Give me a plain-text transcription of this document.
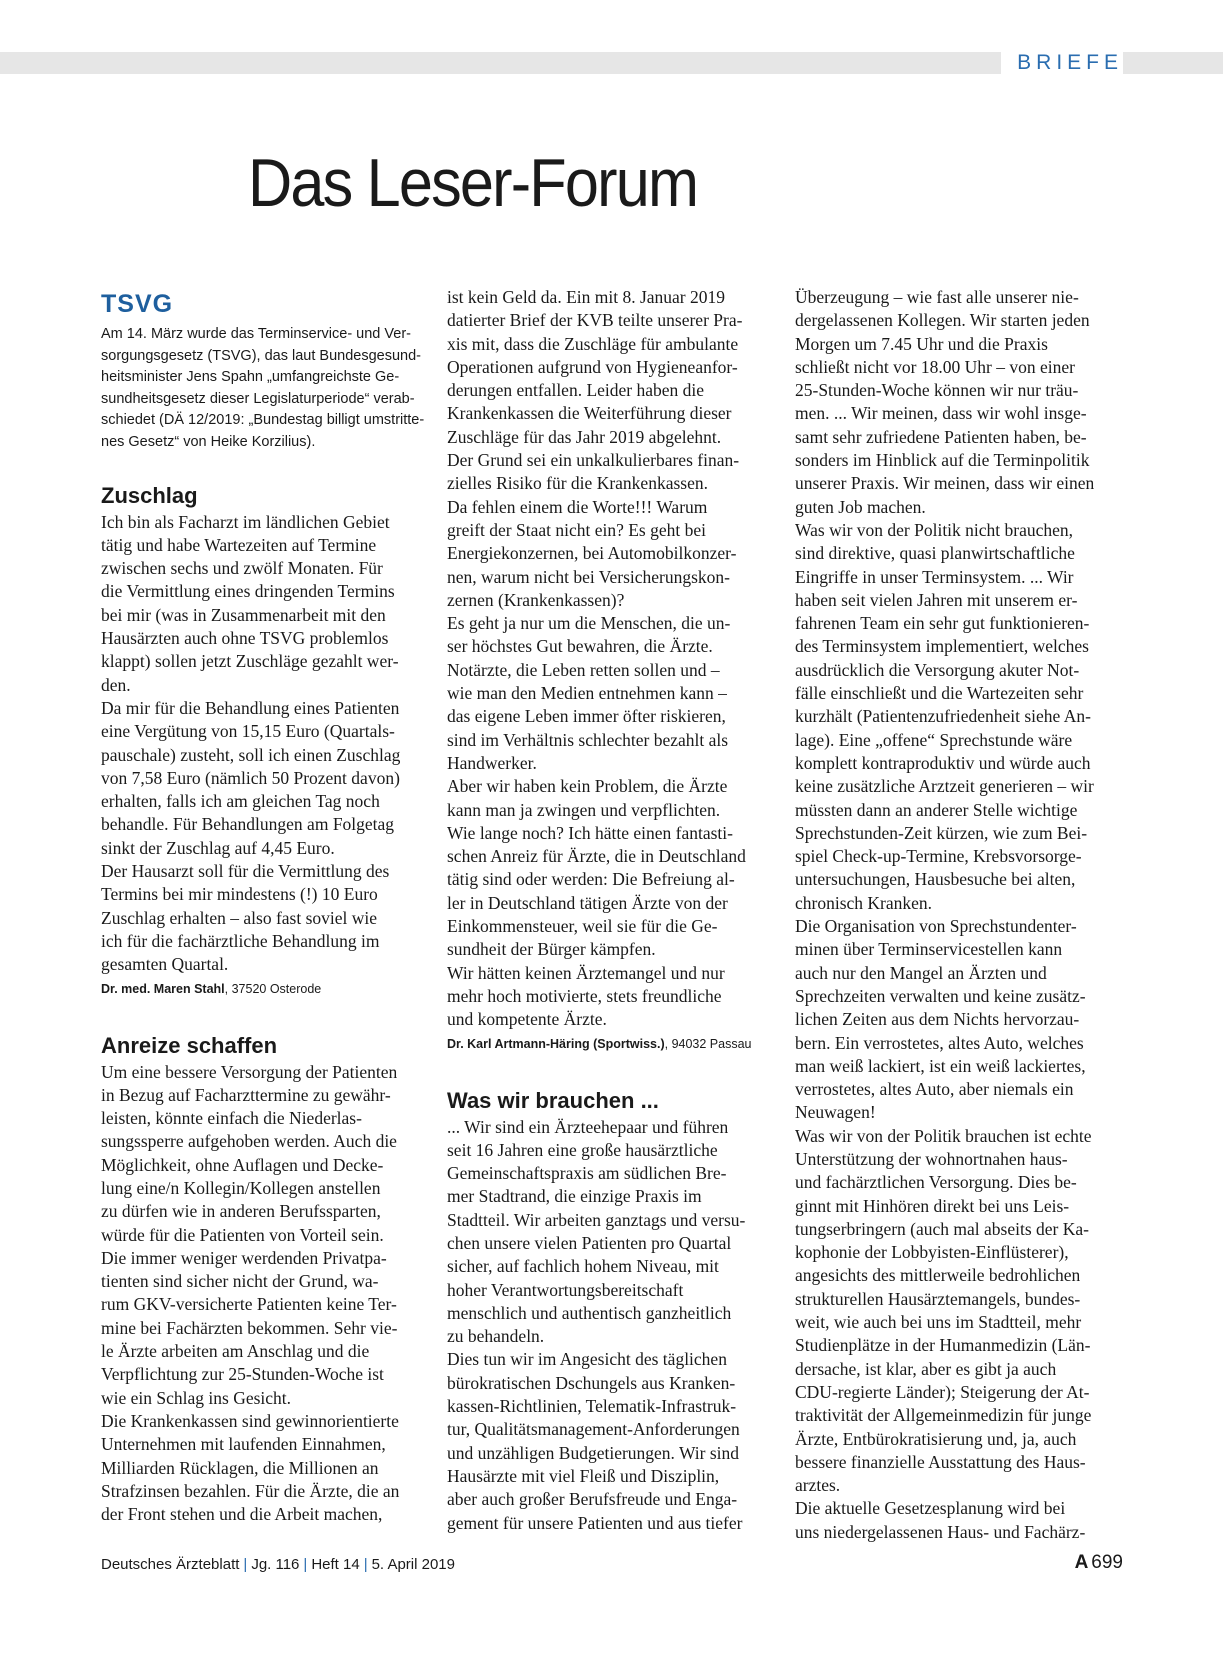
BRIEFE
Das Leser-Forum
TSVG
Am 14. März wurde das Terminservice- und Ver-
sorgungsgesetz (TSVG), das laut Bundesgesund-
heitsminister Jens Spahn „umfangreichste Ge-
sundheitsgesetz dieser Legislaturperiode“ verab-
schiedet (DÄ 12/2019: „Bundestag billigt umstritte-
nes Gesetz“ von Heike Korzilius).
Zuschlag
Ich bin als Facharzt im ländlichen Gebiet
tätig und habe Wartezeiten auf Termine
zwischen sechs und zwölf Monaten. Für
die Vermittlung eines dringenden Termins
bei mir (was in Zusammenarbeit mit den
Hausärzten auch ohne TSVG problemlos
klappt) sollen jetzt Zuschläge gezahlt wer-
den.
Da mir für die Behandlung eines Patienten
eine Vergütung von 15,15 Euro (Quartals-
pauschale) zusteht, soll ich einen Zuschlag
von 7,58 Euro (nämlich 50 Prozent davon)
erhalten, falls ich am gleichen Tag noch
behandle. Für Behandlungen am Folgetag
sinkt der Zuschlag auf 4,45 Euro.
Der Hausarzt soll für die Vermittlung des
Termins bei mir mindestens (!) 10 Euro
Zuschlag erhalten – also fast soviel wie
ich für die fachärztliche Behandlung im
gesamten Quartal.
Dr. med. Maren Stahl, 37520 Osterode
Anreize schaffen
Um eine bessere Versorgung der Patienten
in Bezug auf Facharzttermine zu gewähr-
leisten, könnte einfach die Niederlas-
sungssperre aufgehoben werden. Auch die
Möglichkeit, ohne Auflagen und Decke-
lung eine/n Kollegin/Kollegen anstellen
zu dürfen wie in anderen Berufssparten,
würde für die Patienten von Vorteil sein.
Die immer weniger werdenden Privatpa-
tienten sind sicher nicht der Grund, wa-
rum GKV-versicherte Patienten keine Ter-
mine bei Fachärzten bekommen. Sehr vie-
le Ärzte arbeiten am Anschlag und die
Verpflichtung zur 25-Stunden-Woche ist
wie ein Schlag ins Gesicht.
Die Krankenkassen sind gewinnorientierte
Unternehmen mit laufenden Einnahmen,
Milliarden Rücklagen, die Millionen an
Strafzinsen bezahlen. Für die Ärzte, die an
der Front stehen und die Arbeit machen,
ist kein Geld da. Ein mit 8. Januar 2019
datierter Brief der KVB teilte unserer Pra-
xis mit, dass die Zuschläge für ambulante
Operationen aufgrund von Hygieneanfor-
derungen entfallen. Leider haben die
Krankenkassen die Weiterführung dieser
Zuschläge für das Jahr 2019 abgelehnt.
Der Grund sei ein unkalkulierbares finan-
zielles Risiko für die Krankenkassen.
Da fehlen einem die Worte!!! Warum
greift der Staat nicht ein? Es geht bei
Energiekonzernen, bei Automobilkonzer-
nen, warum nicht bei Versicherungskon-
zernen (Krankenkassen)?
Es geht ja nur um die Menschen, die un-
ser höchstes Gut bewahren, die Ärzte.
Notärzte, die Leben retten sollen und –
wie man den Medien entnehmen kann –
das eigene Leben immer öfter riskieren,
sind im Verhältnis schlechter bezahlt als
Handwerker.
Aber wir haben kein Problem, die Ärzte
kann man ja zwingen und verpflichten.
Wie lange noch? Ich hätte einen fantasti-
schen Anreiz für Ärzte, die in Deutschland
tätig sind oder werden: Die Befreiung al-
ler in Deutschland tätigen Ärzte von der
Einkommensteuer, weil sie für die Ge-
sundheit der Bürger kämpfen.
Wir hätten keinen Ärztemangel und nur
mehr hoch motivierte, stets freundliche
und kompetente Ärzte.
Dr. Karl Artmann-Häring (Sportwiss.), 94032 Passau
Was wir brauchen ...
... Wir sind ein Ärzteehepaar und führen
seit 16 Jahren eine große hausärztliche
Gemeinschaftspraxis am südlichen Bre-
mer Stadtrand, die einzige Praxis im
Stadtteil. Wir arbeiten ganztags und versu-
chen unsere vielen Patienten pro Quartal
sicher, auf fachlich hohem Niveau, mit
hoher Verantwortungsbereitschaft
menschlich und authentisch ganzheitlich
zu behandeln.
Dies tun wir im Angesicht des täglichen
bürokratischen Dschungels aus Kranken-
kassen-Richtlinien, Telematik-Infrastruk-
tur, Qualitätsmanagement-Anforderungen
und unzähligen Budgetierungen. Wir sind
Hausärzte mit viel Fleiß und Disziplin,
aber auch großer Berufsfreude und Enga-
gement für unsere Patienten und aus tiefer
Überzeugung – wie fast alle unserer nie-
dergelassenen Kollegen. Wir starten jeden
Morgen um 7.45 Uhr und die Praxis
schließt nicht vor 18.00 Uhr – von einer
25-Stunden-Woche können wir nur träu-
men. ... Wir meinen, dass wir wohl insge-
samt sehr zufriedene Patienten haben, be-
sonders im Hinblick auf die Terminpolitik
unserer Praxis. Wir meinen, dass wir einen
guten Job machen.
Was wir von der Politik nicht brauchen,
sind direktive, quasi planwirtschaftliche
Eingriffe in unser Terminsystem. ... Wir
haben seit vielen Jahren mit unserem er-
fahrenen Team ein sehr gut funktionieren-
des Terminsystem implementiert, welches
ausdrücklich die Versorgung akuter Not-
fälle einschließt und die Wartezeiten sehr
kurzhält (Patientenzufriedenheit siehe An-
lage). Eine „offene“ Sprechstunde wäre
komplett kontraproduktiv und würde auch
keine zusätzliche Arztzeit generieren – wir
müssten dann an anderer Stelle wichtige
Sprechstunden-Zeit kürzen, wie zum Bei-
spiel Check-up-Termine, Krebsvorsorge-
untersuchungen, Hausbesuche bei alten,
chronisch Kranken.
Die Organisation von Sprechstundenter-
minen über Terminservicestellen kann
auch nur den Mangel an Ärzten und
Sprechzeiten verwalten und keine zusätz-
lichen Zeiten aus dem Nichts hervorzau-
bern. Ein verrostetes, altes Auto, welches
man weiß lackiert, ist ein weiß lackiertes,
verrostetes, altes Auto, aber niemals ein
Neuwagen!
Was wir von der Politik brauchen ist echte
Unterstützung der wohnortnahen haus-
und fachärztlichen Versorgung. Dies be-
ginnt mit Hinhören direkt bei uns Leis-
tungserbringern (auch mal abseits der Ka-
kophonie der Lobbyisten-Einflüsterer),
angesichts des mittlerweile bedrohlichen
strukturellen Hausärztemangels, bundes-
weit, wie auch bei uns im Stadtteil, mehr
Studienplätze in der Humanmedizin (Län-
dersache, ist klar, aber es gibt ja auch
CDU-regierte Länder); Steigerung der At-
traktivität der Allgemeinmedizin für junge
Ärzte, Entbürokratisierung und, ja, auch
bessere finanzielle Ausstattung des Haus-
arztes.
Die aktuelle Gesetzesplanung wird bei
uns niedergelassenen Haus- und Fachärz-
Deutsches Ärzteblatt | Jg. 116 | Heft 14 | 5. April 2019	A 699
